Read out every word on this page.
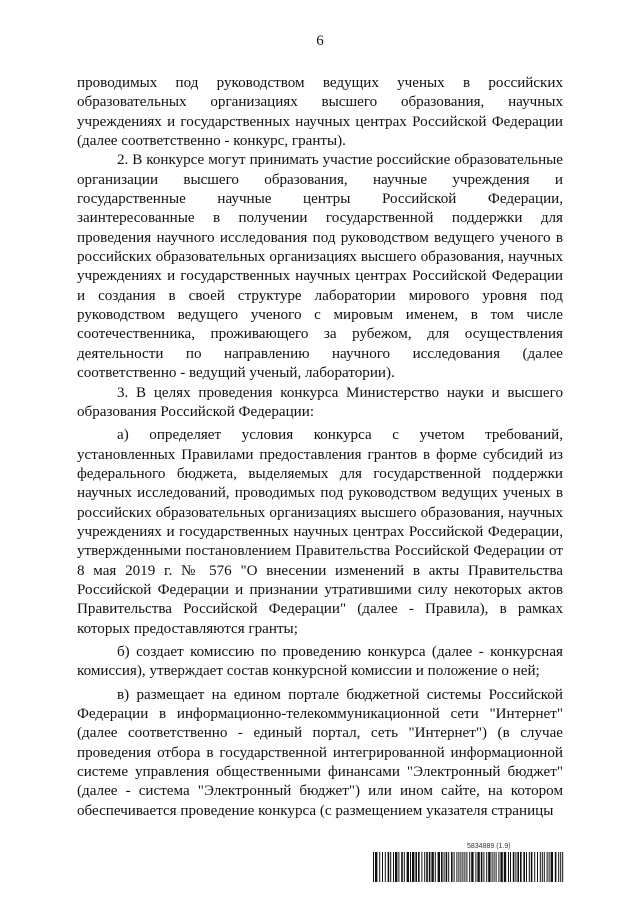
6

проводимых под руководством ведущих ученых в российских образовательных организациях высшего образования, научных учреждениях и государственных научных центрах Российской Федерации (далее соответственно - конкурс, гранты).

2. В конкурсе могут принимать участие российские образовательные организации высшего образования, научные учреждения и государственные научные центры Российской Федерации, заинтересованные в получении государственной поддержки для проведения научного исследования под руководством ведущего ученого в российских образовательных организациях высшего образования, научных учреждениях и государственных научных центрах Российской Федерации и создания в своей структуре лаборатории мирового уровня под руководством ведущего ученого с мировым именем, в том числе соотечественника, проживающего за рубежом, для осуществления деятельности по направлению научного исследования (далее соответственно - ведущий ученый, лаборатории).

3. В целях проведения конкурса Министерство науки и высшего образования Российской Федерации:

а) определяет условия конкурса с учетом требований, установленных Правилами предоставления грантов в форме субсидий из федерального бюджета, выделяемых для государственной поддержки научных исследований, проводимых под руководством ведущих ученых в российских образовательных организациях высшего образования, научных учреждениях и государственных научных центрах Российской Федерации, утвержденными постановлением Правительства Российской Федерации от 8 мая 2019 г. № 576 "О внесении изменений в акты Правительства Российской Федерации и признании утратившими силу некоторых актов Правительства Российской Федерации" (далее - Правила), в рамках которых предоставляются гранты;

б) создает комиссию по проведению конкурса (далее - конкурсная комиссия), утверждает состав конкурсной комиссии и положение о ней;

в) размещает на едином портале бюджетной системы Российской Федерации в информационно-телекоммуникационной сети "Интернет" (далее соответственно - единый портал, сеть "Интернет") (в случае проведения отбора в государственной интегрированной информационной системе управления общественными финансами "Электронный бюджет" (далее - система "Электронный бюджет") или ином сайте, на котором обеспечивается проведение конкурса (с размещением указателя страницы

5834889 (1.9)
